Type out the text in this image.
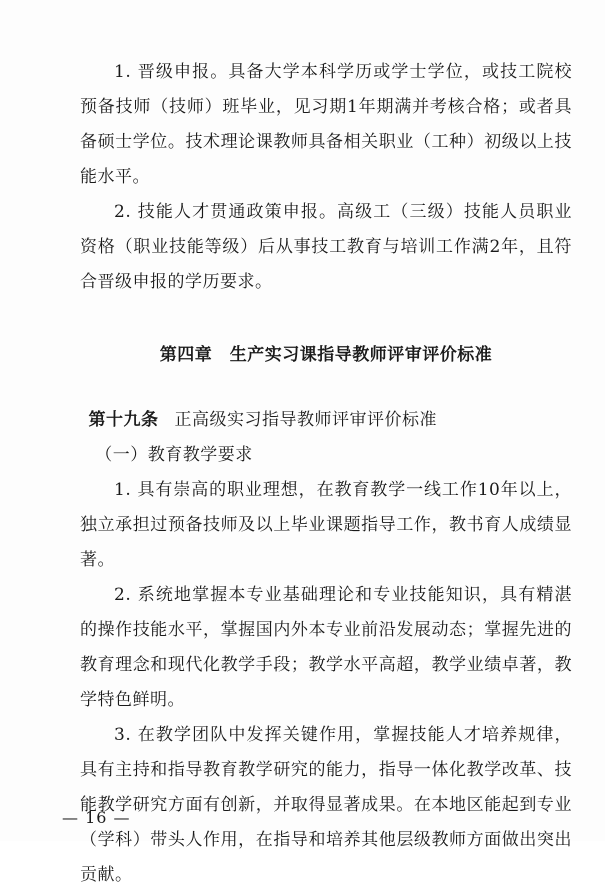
1. 晋级申报。具备大学本科学历或学士学位，或技工院校预备技师（技师）班毕业，见习期1年期满并考核合格；或者具备硕士学位。技术理论课教师具备相关职业（工种）初级以上技能水平。

2. 技能人才贯通政策申报。高级工（三级）技能人员职业资格（职业技能等级）后从事技工教育与培训工作满2年，且符合晋级申报的学历要求。

第四章　生产实习课指导教师评审评价标准

第十九条 正高级实习指导教师评审评价标准

（一）教育教学要求

1. 具有崇高的职业理想，在教育教学一线工作10年以上，独立承担过预备技师及以上毕业课题指导工作，教书育人成绩显著。

2. 系统地掌握本专业基础理论和专业技能知识，具有精湛的操作技能水平，掌握国内外本专业前沿发展动态；掌握先进的教育理念和现代化教学手段；教学水平高超，教学业绩卓著，教学特色鲜明。

3. 在教学团队中发挥关键作用，掌握技能人才培养规律，具有主持和指导教育教学研究的能力，指导一体化教学改革、技能教学研究方面有创新，并取得显著成果。在本地区能起到专业（学科）带头人作用，在指导和培养其他层级教师方面做出突出贡献。

— 16 —
